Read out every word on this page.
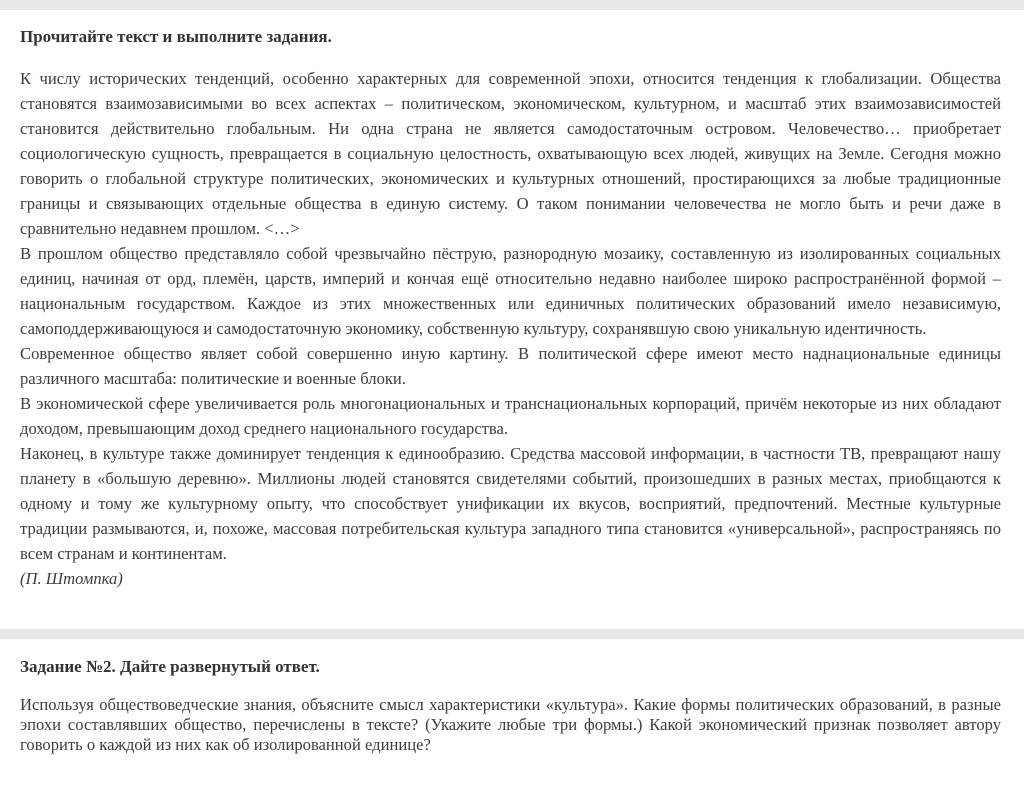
Прочитайте текст и выполните задания.

К числу исторических тенденций, особенно характерных для современной эпохи, относится тенденция к глобализации. Общества становятся взаимозависимыми во всех аспектах – политическом, экономическом, культурном, и масштаб этих взаимозависимостей становится действительно глобальным. Ни одна страна не является самодостаточным островом. Человечество… приобретает социологическую сущность, превращается в социальную целостность, охватывающую всех людей, живущих на Земле. Сегодня можно говорить о глобальной структуре политических, экономических и культурных отношений, простирающихся за любые традиционные границы и связывающих отдельные общества в единую систему. О таком понимании человечества не могло быть и речи даже в сравнительно недавнем прошлом. <…>

В прошлом общество представляло собой чрезвычайно пёструю, разнородную мозаику, составленную из изолированных социальных единиц, начиная от орд, племён, царств, империй и кончая ещё относительно недавно наиболее широко распространённой формой – национальным государством. Каждое из этих множественных или единичных политических образований имело независимую, самоподдерживающуюся и самодостаточную экономику, собственную культуру, сохранявшую свою уникальную идентичность.

Современное общество являет собой совершенно иную картину. В политической сфере имеют место наднациональные единицы различного масштаба: политические и военные блоки.

В экономической сфере увеличивается роль многонациональных и транснациональных корпораций, причём некоторые из них обладают доходом, превышающим доход среднего национального государства.

Наконец, в культуре также доминирует тенденция к единообразию. Средства массовой информации, в частности ТВ, превращают нашу планету в «большую деревню». Миллионы людей становятся свидетелями событий, произошедших в разных местах, приобщаются к одному и тому же культурному опыту, что способствует унификации их вкусов, восприятий, предпочтений. Местные культурные традиции размываются, и, похоже, массовая потребительская культура западного типа становится «универсальной», распространяясь по всем странам и континентам.

(П. Штомпка)

Задание №2. Дайте развернутый ответ.

Используя обществоведческие знания, объясните смысл характеристики «культура». Какие формы политических образований, в разные эпохи составлявших общество, перечислены в тексте? (Укажите любые три формы.) Какой экономический признак позволяет автору говорить о каждой из них как об изолированной единице?
